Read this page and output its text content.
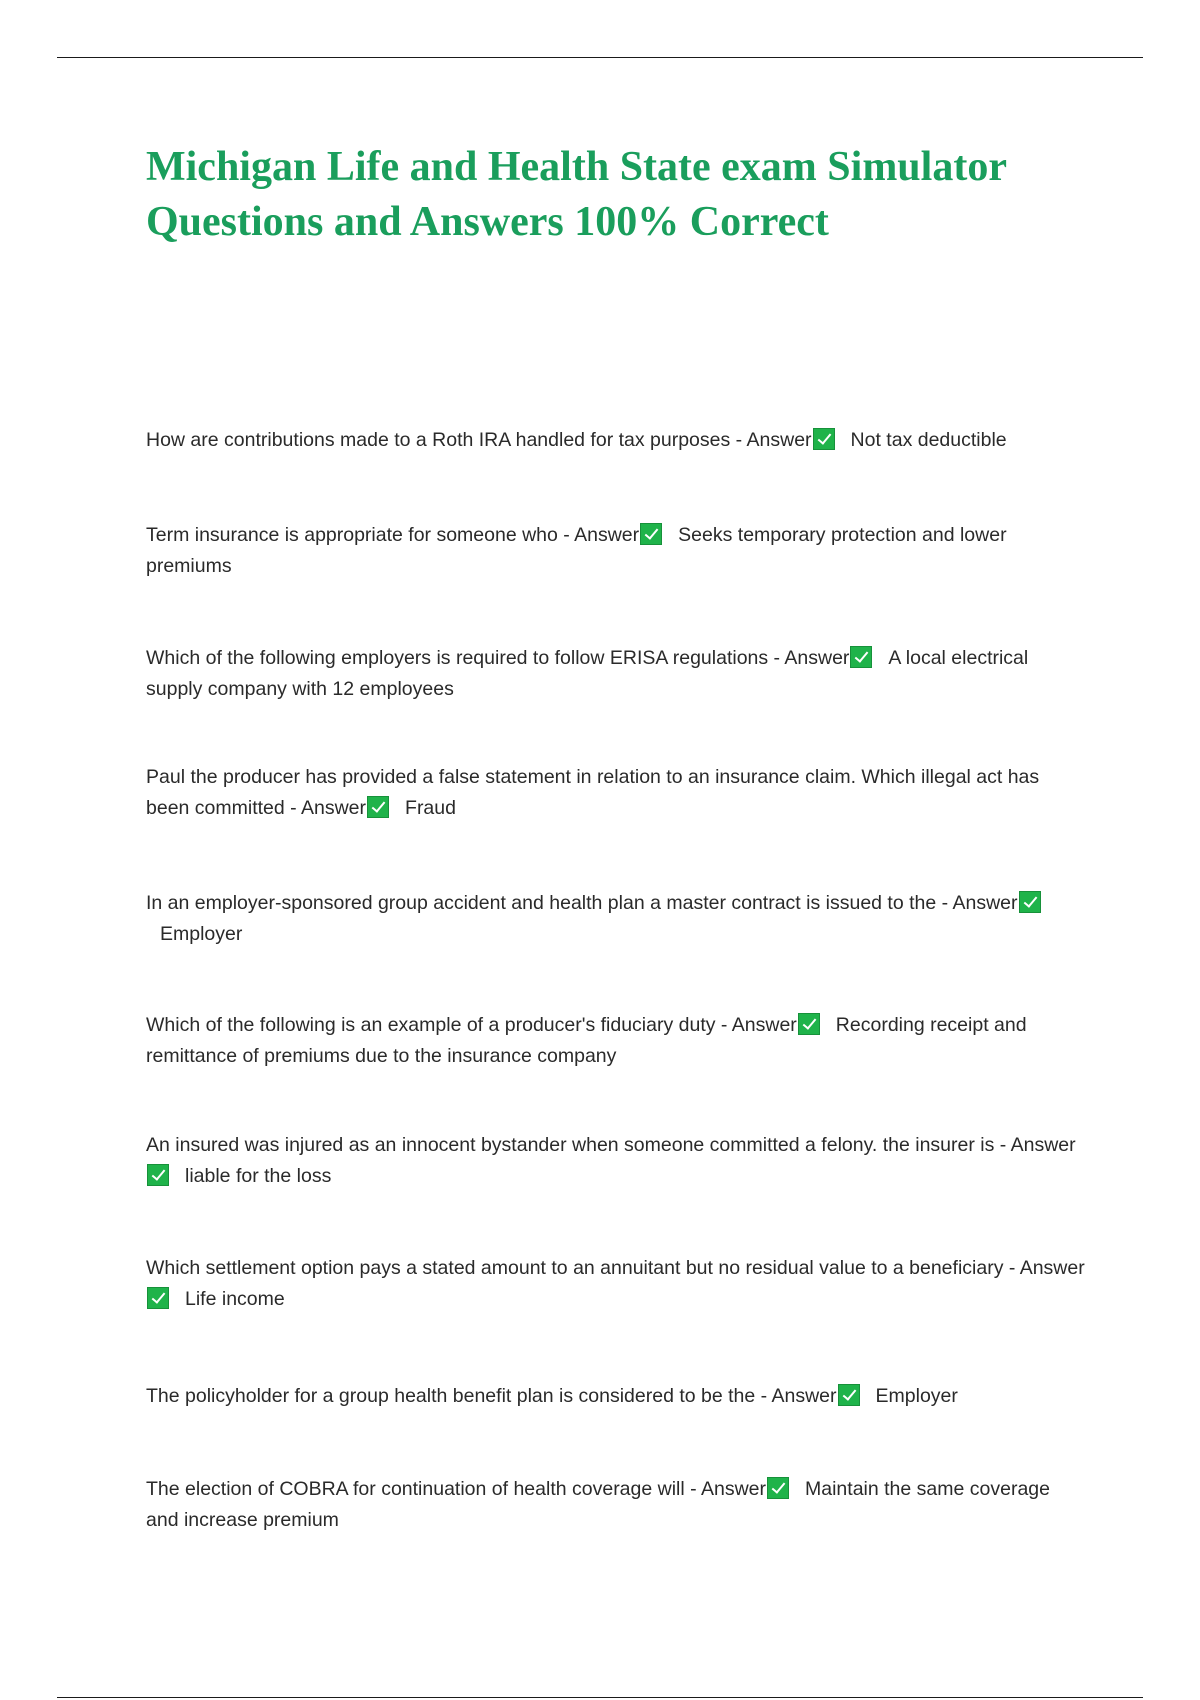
Michigan Life and Health State exam Simulator Questions and Answers 100% Correct
How are contributions made to a Roth IRA handled for tax purposes - Answer Not tax deductible
Term insurance is appropriate for someone who - Answer Seeks temporary protection and lower premiums
Which of the following employers is required to follow ERISA regulations - Answer A local electrical supply company with 12 employees
Paul the producer has provided a false statement in relation to an insurance claim. Which illegal act has been committed - Answer Fraud
In an employer-sponsored group accident and health plan a master contract is issued to the - AnswerEmployer
Which of the following is an example of a producer's fiduciary duty - Answer Recording receipt and remittance of premiums due to the insurance company
An insured was injured as an innocent bystander when someone committed a felony. the insurer is - Answerliable for the loss
Which settlement option pays a stated amount to an annuitant but no residual value to a beneficiary - AnswerLife income
The policyholder for a group health benefit plan is considered to be the - Answer Employer
The election of COBRA for continuation of health coverage will - Answer Maintain the same coverage and increase premium
